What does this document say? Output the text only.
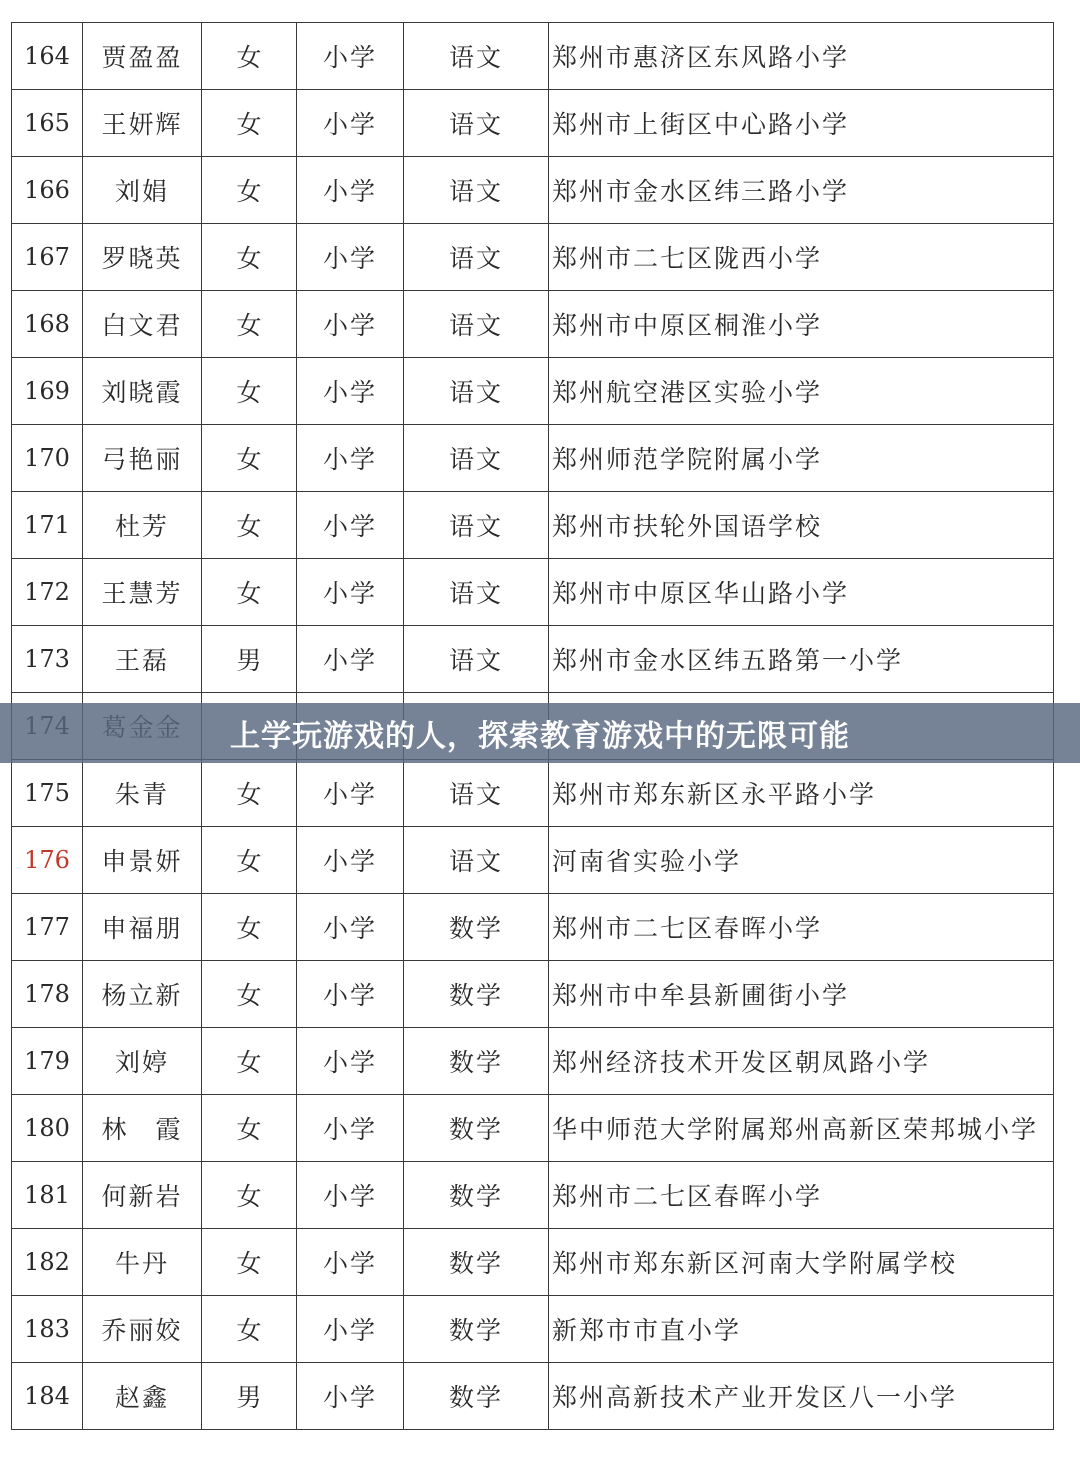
164	贾盈盈	女	小学	语文	郑州市惠济区东风路小学
165	王妍辉	女	小学	语文	郑州市上街区中心路小学
166	刘娟	女	小学	语文	郑州市金水区纬三路小学
167	罗晓英	女	小学	语文	郑州市二七区陇西小学
168	白文君	女	小学	语文	郑州市中原区桐淮小学
169	刘晓霞	女	小学	语文	郑州航空港区实验小学
170	弓艳丽	女	小学	语文	郑州师范学院附属小学
171	杜芳	女	小学	语文	郑州市扶轮外国语学校
172	王慧芳	女	小学	语文	郑州市中原区华山路小学
173	王磊	男	小学	语文	郑州市金水区纬五路第一小学

175	朱青	女	小学	语文	郑州市郑东新区永平路小学
176	申景妍	女	小学	语文	河南省实验小学
177	申福朋	女	小学	数学	郑州市二七区春晖小学
178	杨立新	女	小学	数学	郑州市中牟县新圃街小学
179	刘婷	女	小学	数学	郑州经济技术开发区朝凤路小学
180	林　霞	女	小学	数学	华中师范大学附属郑州高新区荣邦城小学
181	何新岩	女	小学	数学	郑州市二七区春晖小学
182	牛丹	女	小学	数学	郑州市郑东新区河南大学附属学校
183	乔丽姣	女	小学	数学	新郑市市直小学
184	赵鑫	男	小学	数学	郑州高新技术产业开发区八一小学
上学玩游戏的人，探索教育游戏中的无限可能
